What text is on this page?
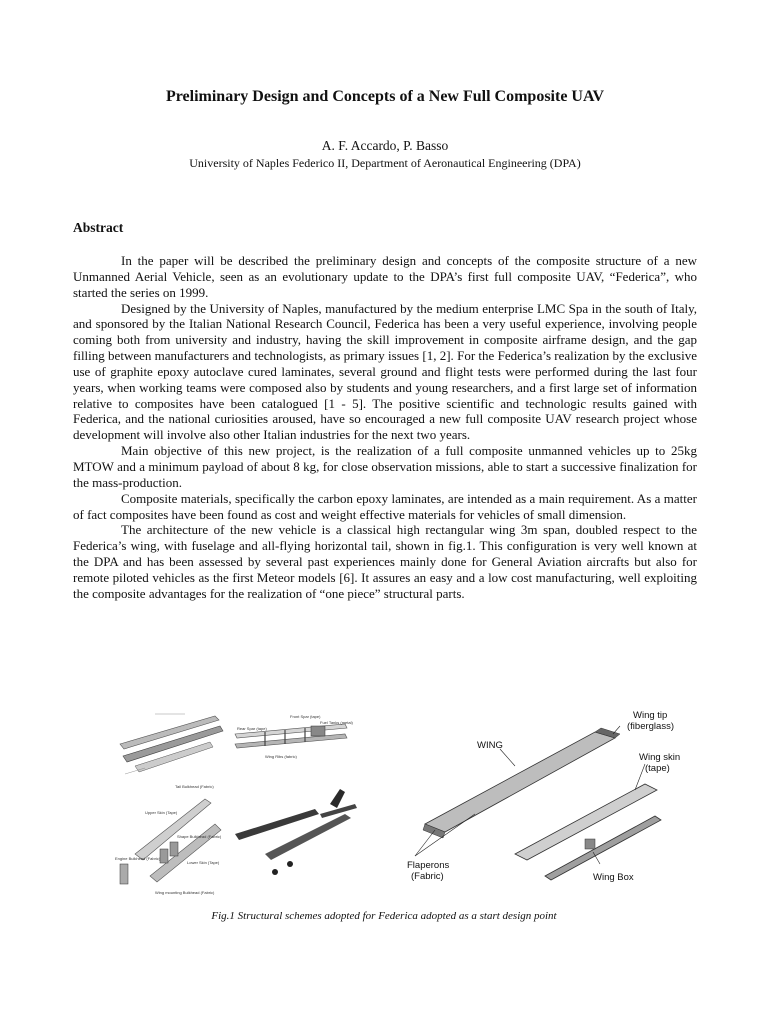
Preliminary Design and Concepts of a New Full Composite UAV

A. F. Accardo, P. Basso

University of Naples Federico II, Department of Aeronautical Engineering (DPA)

Abstract

In the paper will be described the preliminary design and concepts of the composite structure of a new Unmanned Aerial Vehicle, seen as an evolutionary update to the DPA’s first full composite UAV, “Federica”, who started the series on 1999.

Designed by the University of Naples, manufactured by the medium enterprise LMC Spa in the south of Italy, and sponsored by the Italian National Research Council, Federica has been a very useful experience, involving people coming both from university and industry, having the skill improvement in composite airframe design, and the gap filling between manufacturers and technologists, as primary issues [1, 2]. For the Federica’s realization by the exclusive use of graphite epoxy autoclave cured laminates, several ground and flight tests were performed during the last four years, when working teams were composed also by students and young researchers, and a first large set of information relative to composites have been catalogued [1 - 5]. The positive scientific and technologic results gained with Federica, and the national curiosities aroused, have so encouraged a new full composite UAV research project whose development will involve also other Italian industries for the next two years.

Main objective of this new project, is the realization of a full composite unmanned vehicles up to 25kg MTOW and a minimum payload of about 8 kg, for close observation missions, able to start a successive finalization for the mass-production.

Composite materials, specifically the carbon epoxy laminates, are intended as a main requirement. As a matter of fact composites have been found as cost and weight effective materials for vehicles of small dimension.

The architecture of the new vehicle is a classical high rectangular wing 3m span, doubled respect to the Federica’s wing, with fuselage and all-flying horizontal tail, shown in fig.1. This configuration is very well known at the DPA and has been assessed by several past experiences mainly done for General Aviation aircrafts but also for remote piloted vehicles as the first Meteor models [6]. It assures an easy and a low cost manufacturing, well exploiting the composite advantages for the realization of “one piece” structural parts.

Front Spar (tape)
Rear Spar (tape)
Fuel Tanks (metal)
Wing Ribs (fabric)
Tail Bulkhead (Fabric)
Upper Skin (Tape)
Shape Bulkhead (Fabric)
Engine Bulkhead (Fabric)
Lower Skin (Tape)
Wing mounting Bulkhead (Fabric)
WING
Wing tip
(fiberglass)
Wing skin
(tape)
Flaperons
(Fabric)	Wing Box
Fig.1 Structural schemes adopted for Federica adopted as a start design point
